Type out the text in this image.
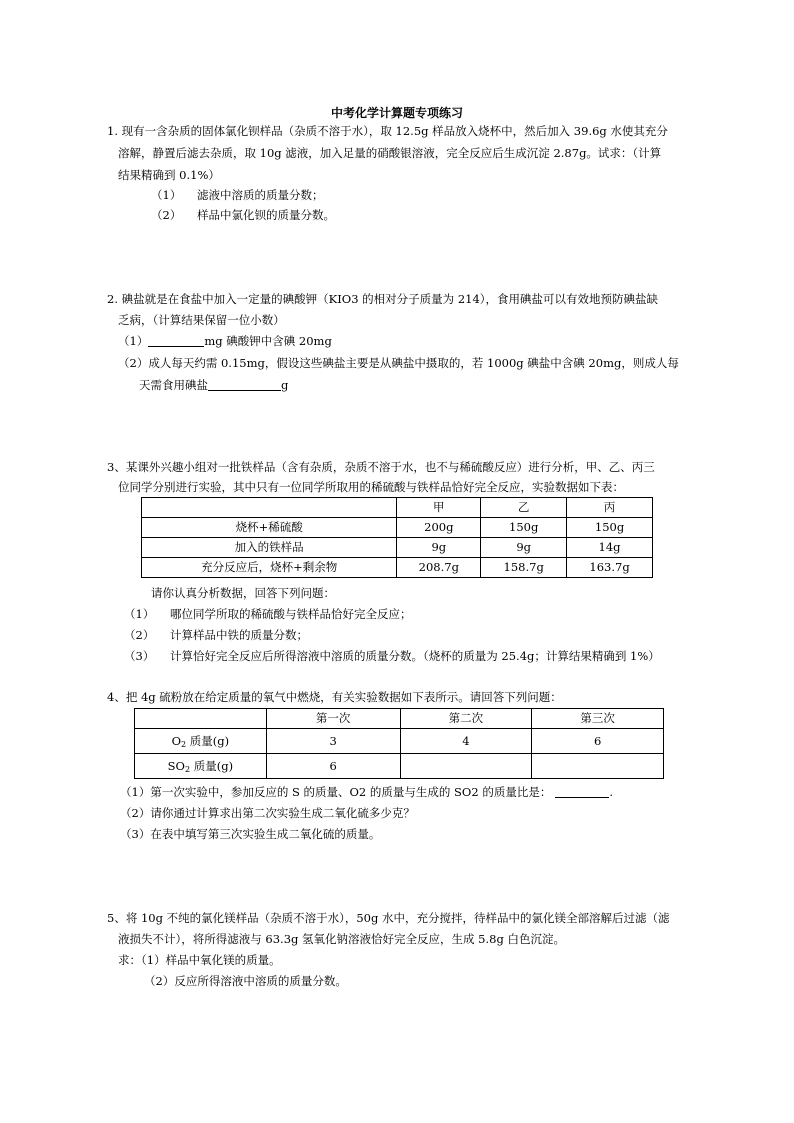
中考化学计算题专项练习
1. 现有一含杂质的固体氯化钡样品（杂质不溶于水），取 12.5g 样品放入烧杯中，然后加入 39.6g 水使其充分
溶解，静置后滤去杂质，取 10g 滤液，加入足量的硝酸银溶液，完全反应后生成沉淀 2.87g。试求：（计算
结果精确到 0.1%）
（1） 滤液中溶质的质量分数；
（2） 样品中氯化钡的质量分数。
2. 碘盐就是在食盐中加入一定量的碘酸钾（KIO3 的相对分子质量为 214），食用碘盐可以有效地预防碘盐缺
乏病，（计算结果保留一位小数）
（1）	mg 碘酸钾中含碘 20mg
（2）成人每天约需 0.15mg，假设这些碘盐主要是从碘盐中摄取的，若 1000g 碘盐中含碘 20mg，则成人每
天需食用碘盐	g
3、某课外兴趣小组对一批铁样品（含有杂质，杂质不溶于水，也不与稀硫酸反应）进行分析，甲、乙、丙三
位同学分别进行实验，其中只有一位同学所取用的稀硫酸与铁样品恰好完全反应，实验数据如下表：
	甲	乙	丙
烧杯+稀硫酸	200g	150g	150g
加入的铁样品	9g	9g	14g
充分反应后，烧杯+剩余物	208.7g	158.7g	163.7g
请你认真分析数据，回答下列问题：
（1） 哪位同学所取的稀硫酸与铁样品恰好完全反应；
（2） 计算样品中铁的质量分数；
（3） 计算恰好完全反应后所得溶液中溶质的质量分数。（烧杯的质量为 25.4g；计算结果精确到 1%）
4、把 4g 硫粉放在给定质量的氧气中燃烧，有关实验数据如下表所示。请回答下列问题：
	第一次	第二次	第三次
$O_2$ 质量(g)	3	4	6
$SO_2$ 质量(g)	6		
（1）第一次实验中，参加反应的 S 的质量、O2 的质量与生成的 SO2 的质量比是：	.
（2）请你通过计算求出第二次实验生成二氧化硫多少克？
（3）在表中填写第三次实验生成二氧化硫的质量。
5、将 10g 不纯的氯化镁样品（杂质不溶于水），50g 水中，充分搅拌，待样品中的氯化镁全部溶解后过滤（滤
液损失不计），将所得滤液与 63.3g 氢氧化钠溶液恰好完全反应，生成 5.8g 白色沉淀。
求：（1）样品中氧化镁的质量。
（2）反应所得溶液中溶质的质量分数。
